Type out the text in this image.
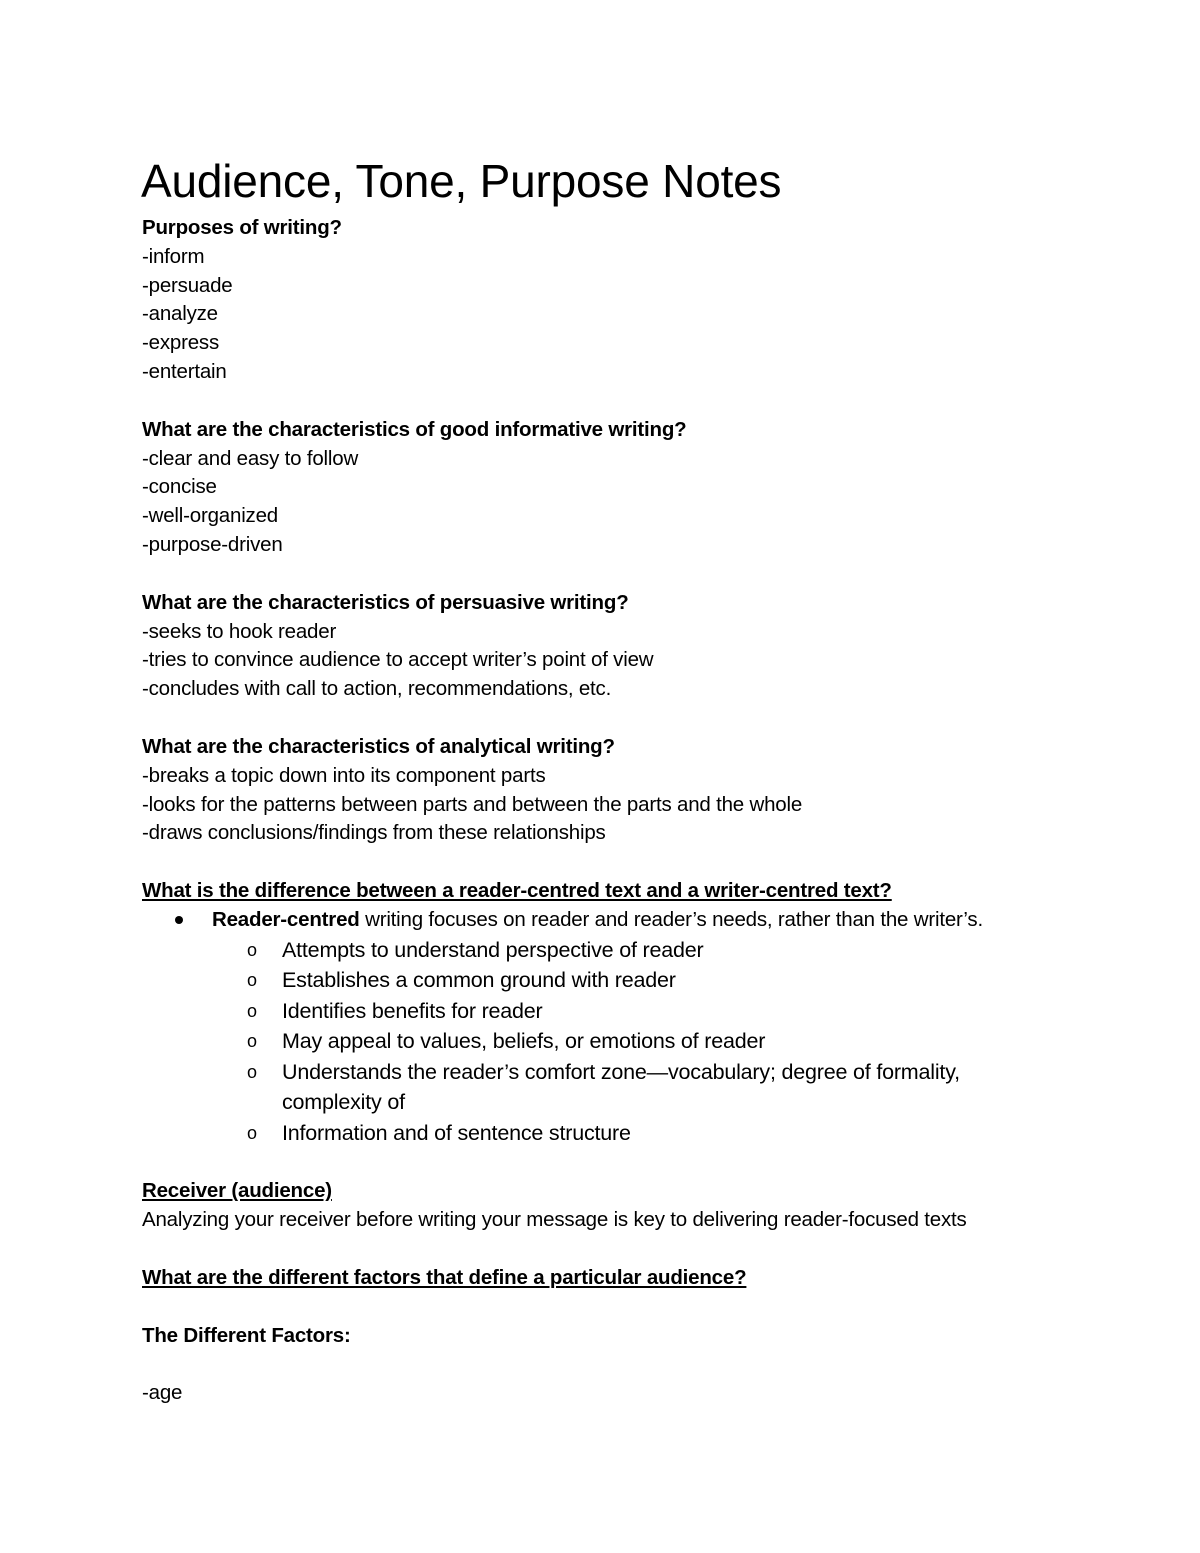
Audience, Tone, Purpose Notes
Purposes of writing?
-inform
-persuade
-analyze
-express
-entertain
What are the characteristics of good informative writing?
-clear and easy to follow
-concise
-well-organized
-purpose-driven
What are the characteristics of persuasive writing?
-seeks to hook reader
-tries to convince audience to accept writer’s point of view
-concludes with call to action, recommendations, etc.
What are the characteristics of analytical writing?
-breaks a topic down into its component parts
-looks for the patterns between parts and between the parts and the whole
-draws conclusions/findings from these relationships
What is the difference between a reader-centred text and a writer-centred text?
Reader-centred writing focuses on reader and reader’s needs, rather than the writer’s.
o Attempts to understand perspective of reader
o Establishes a common ground with reader
o Identifies benefits for reader
o May appeal to values, beliefs, or emotions of reader
o Understands the reader’s comfort zone—vocabulary; degree of formality,
complexity of
o Information and of sentence structure
Receiver (audience)
Analyzing your receiver before writing your message is key to delivering reader-focused texts
What are the different factors that define a particular audience?
The Different Factors:
-age
